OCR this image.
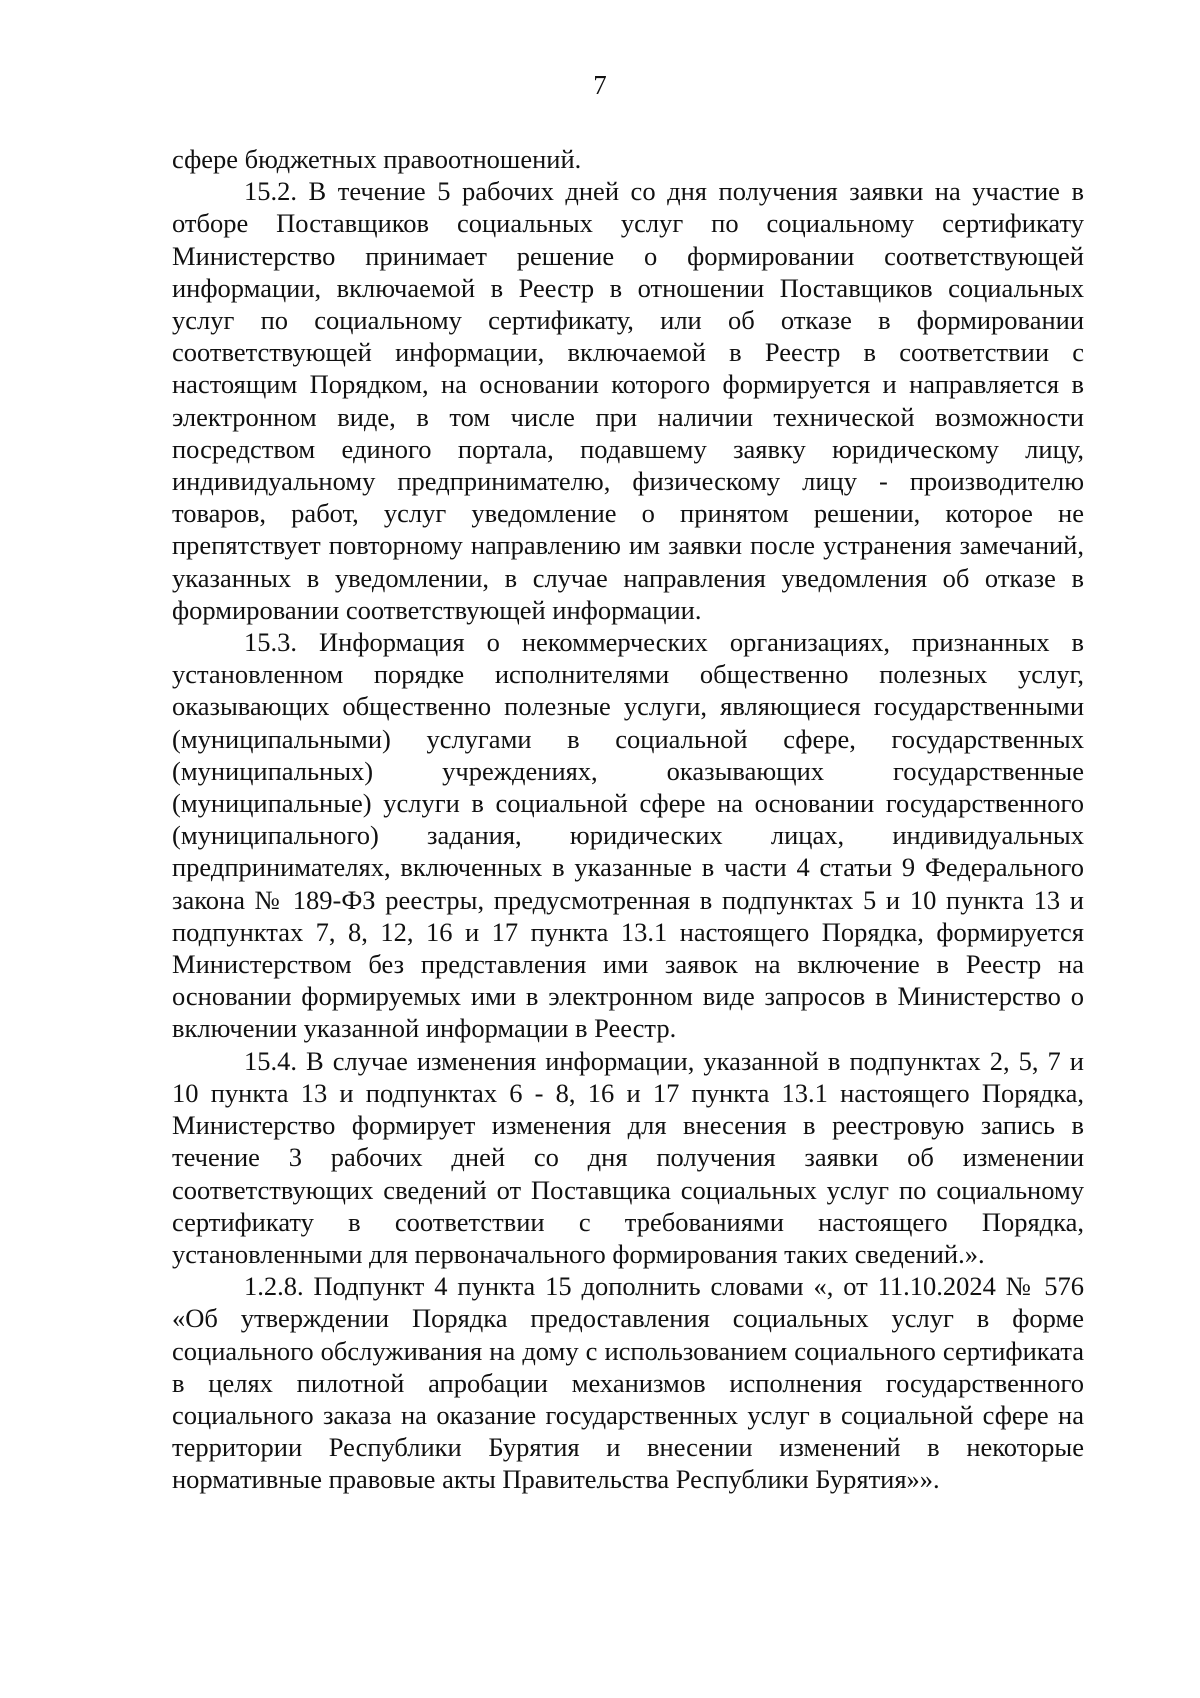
7

сфере бюджетных правоотношений.

15.2. В течение 5 рабочих дней со дня получения заявки на участие в отборе Поставщиков социальных услуг по социальному сертификату Министерство принимает решение о формировании соответствующей информации, включаемой в Реестр в отношении Поставщиков социальных услуг по социальному сертификату, или об отказе в формировании соответствующей информации, включаемой в Реестр в соответствии с настоящим Порядком, на основании которого формируется и направляется в электронном виде, в том числе при наличии технической возможности посредством единого портала, подавшему заявку юридическому лицу, индивидуальному предпринимателю, физическому лицу - производителю товаров, работ, услуг уведомление о принятом решении, которое не препятствует повторному направлению им заявки после устранения замечаний, указанных в уведомлении, в случае направления уведомления об отказе в формировании соответствующей информации.

15.3. Информация о некоммерческих организациях, признанных в установленном порядке исполнителями общественно полезных услуг, оказывающих общественно полезные услуги, являющиеся государственными (муниципальными) услугами в социальной сфере, государственных (муниципальных) учреждениях, оказывающих государственные (муниципальные) услуги в социальной сфере на основании государственного (муниципального) задания, юридических лицах, индивидуальных предпринимателях, включенных в указанные в части 4 статьи 9 Федерального закона № 189-ФЗ реестры, предусмотренная в подпунктах 5 и 10 пункта 13 и подпунктах 7, 8, 12, 16 и 17 пункта 13.1 настоящего Порядка, формируется Министерством без представления ими заявок на включение в Реестр на основании формируемых ими в электронном виде запросов в Министерство о включении указанной информации в Реестр.

15.4. В случае изменения информации, указанной в подпунктах 2, 5, 7 и 10 пункта 13 и подпунктах 6 - 8, 16 и 17 пункта 13.1 настоящего Порядка, Министерство формирует изменения для внесения в реестровую запись в течение 3 рабочих дней со дня получения заявки об изменении соответствующих сведений от Поставщика социальных услуг по социальному сертификату в соответствии с требованиями настоящего Порядка, установленными для первоначального формирования таких сведений.».

1.2.8. Подпункт 4 пункта 15 дополнить словами «, от 11.10.2024 № 576 «Об утверждении Порядка предоставления социальных услуг в форме социального обслуживания на дому с использованием социального сертификата в целях пилотной апробации механизмов исполнения государственного социального заказа на оказание государственных услуг в социальной сфере на территории Республики Бурятия и внесении изменений в некоторые нормативные правовые акты Правительства Республики Бурятия»».
